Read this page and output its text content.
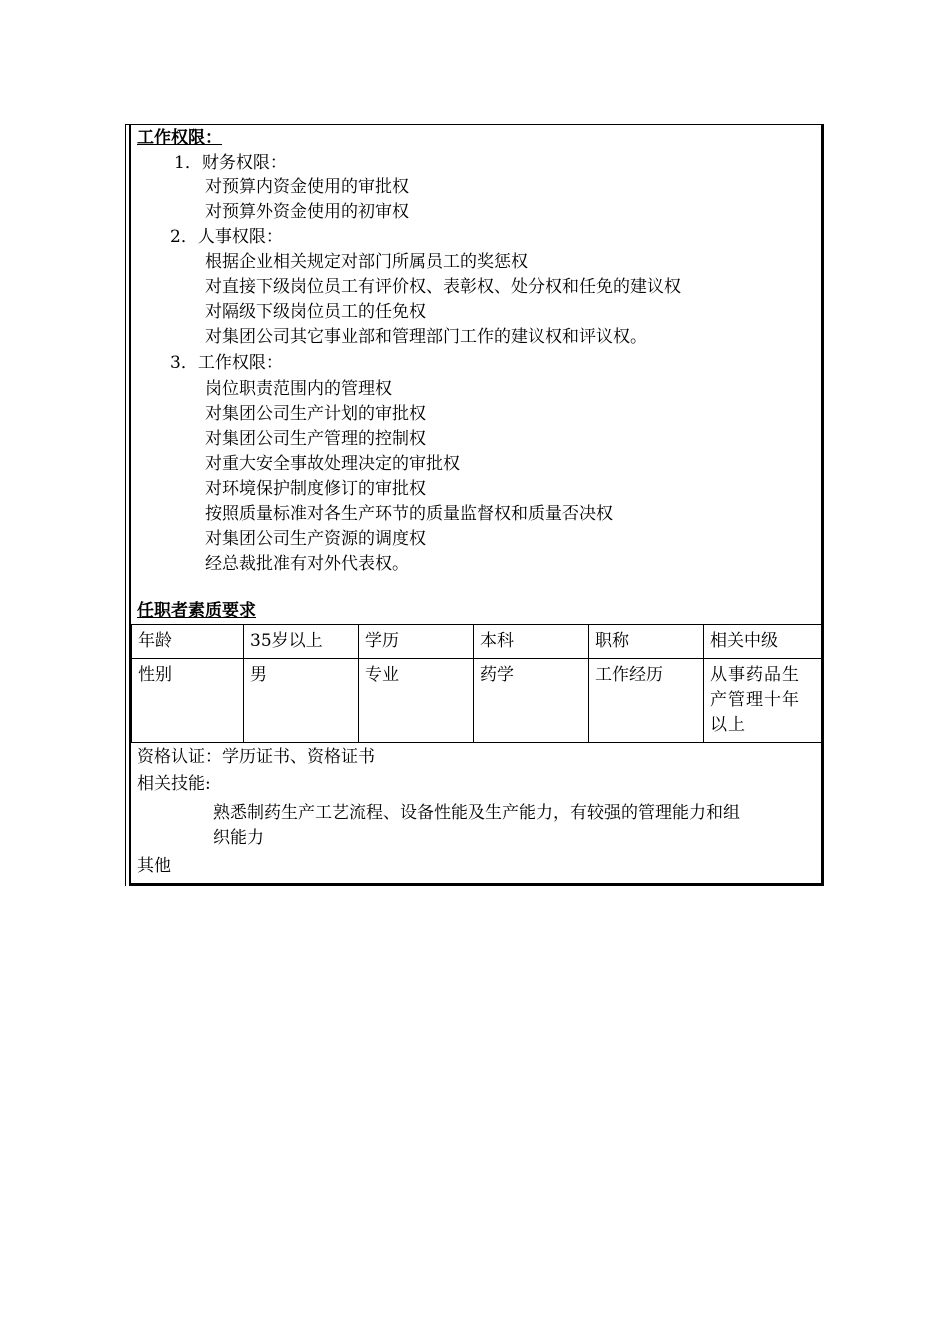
工作权限：
1．财务权限：
对预算内资金使用的审批权
对预算外资金使用的初审权
2．人事权限：
根据企业相关规定对部门所属员工的奖惩权
对直接下级岗位员工有评价权、表彰权、处分权和任免的建议权
对隔级下级岗位员工的任免权
对集团公司其它事业部和管理部门工作的建议权和评议权。
3．工作权限：
岗位职责范围内的管理权
对集团公司生产计划的审批权
对集团公司生产管理的控制权
对重大安全事故处理决定的审批权
对环境保护制度修订的审批权
按照质量标准对各生产环节的质量监督权和质量否决权
对集团公司生产资源的调度权
经总裁批准有对外代表权。
任职者素质要求
年龄	35岁以上	学历	本科	职称	相关中级
性别	男	专业	药学	工作经历	从事药品生产管理十年以上
资格认证：学历证书、资格证书
相关技能:
熟悉制药生产工艺流程、设备性能及生产能力，有较强的管理能力和组
织能力
其他
